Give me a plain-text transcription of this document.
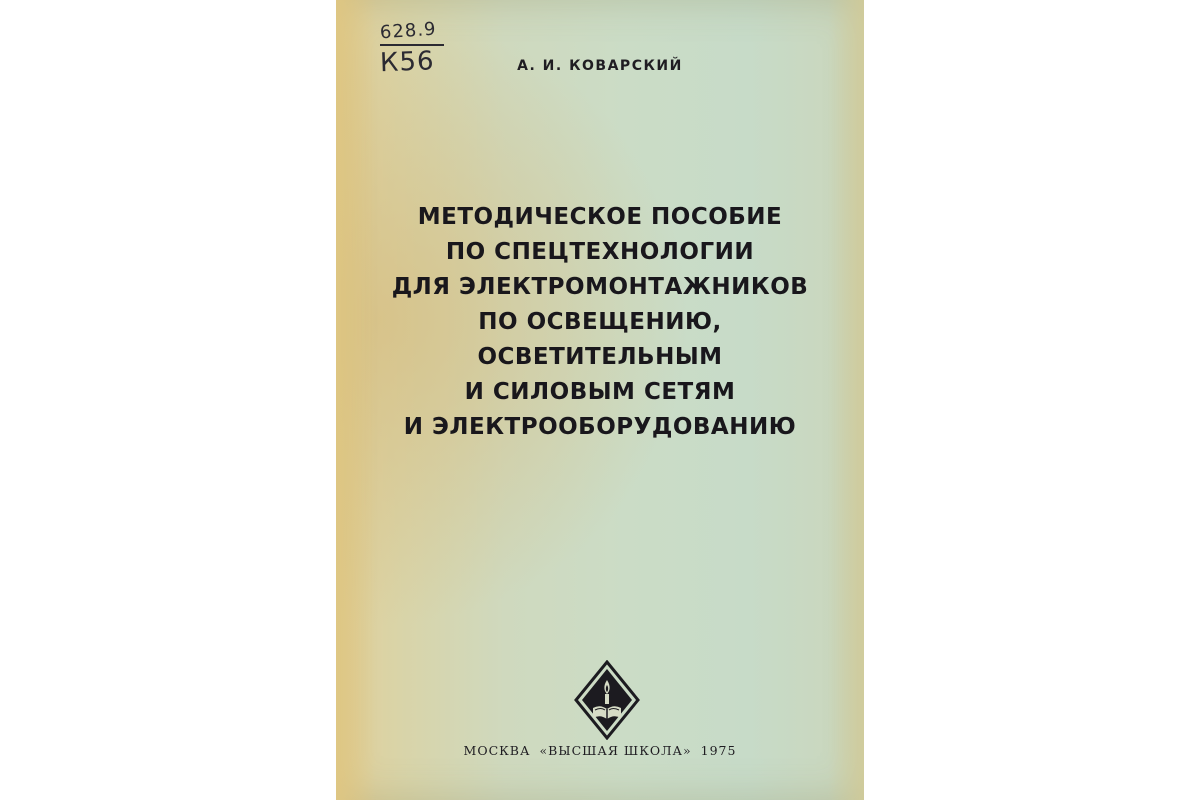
628.9
К56	А. И. КОВАРСКИЙ
МЕТОДИЧЕСКОЕ ПОСОБИЕ
ПО СПЕЦТЕХНОЛОГИИ
ДЛЯ ЭЛЕКТРОМОНТАЖНИКОВ
ПО ОСВЕЩЕНИЮ,
ОСВЕТИТЕЛЬНЫМ
И СИЛОВЫМ СЕТЯМ
И ЭЛЕКТРООБОРУДОВАНИЮ
МОСКВА «ВЫСШАЯ ШКОЛА» 1975
